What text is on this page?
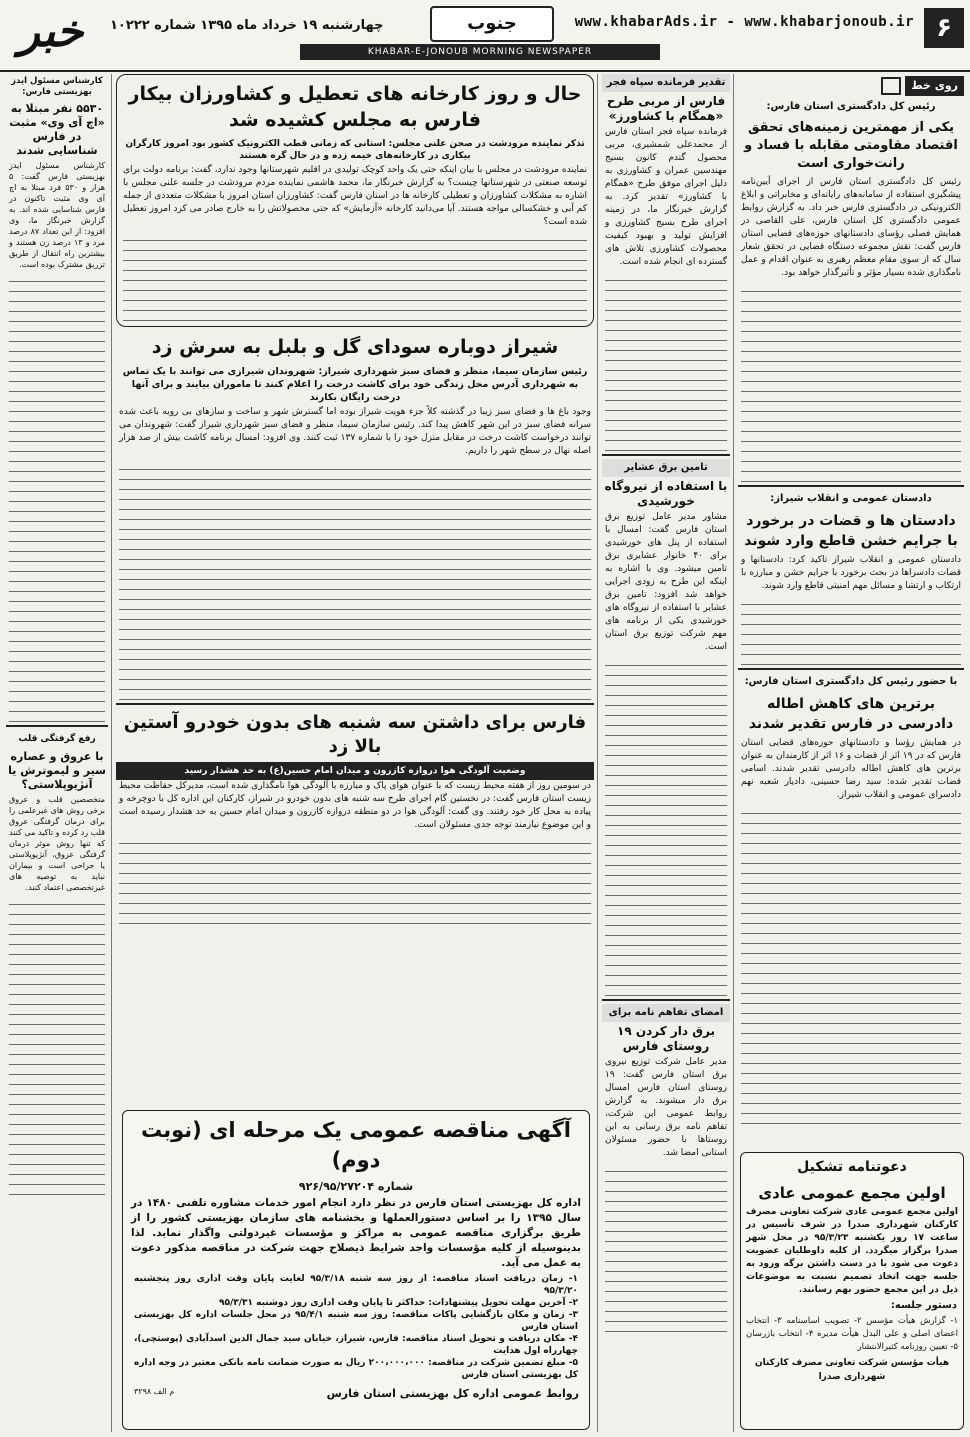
۶
www.khabarAds.ir - www.khabarjonoub.ir
جنوب
KHABAR-E-JONOUB MORNING NEWSPAPER
چهارشنبه ۱۹ خرداد ماه ۱۳۹۵ شماره ۱۰۲۲۲
خبر
روی خط
رئیس کل دادگستری استان فارس:
یکی از مهمترین زمینه‌های تحقق اقتصاد مقاومتی مقابله با فساد و رانت‌خواری است

رئیس کل دادگستری استان فارس از اجرای آیین‌نامه پیشگیری استفاده از سامانه‌های رایانه‌ای و مخابراتی و ابلاغ الکترونیکی در دادگستری فارس خبر داد. به گزارش روابط عمومی دادگستری کل استان فارس، علی القاصی در همایش فصلی رؤسای دادستانهای حوزه‌های قضایی استان فارس گفت: نقش مجموعه دستگاه قضایی در تحقق شعار سال که از سوی مقام معظم رهبری به عنوان اقدام و عمل نامگذاری شده بسیار مؤثر و تأثیرگذار خواهد بود.

دادستان عمومی و انقلاب شیراز:
دادستان ها و قضات در برخورد با جرایم خشن قاطع وارد شوند

دادستان عمومی و انقلاب شیراز تاکید کرد: دادستانها و قضات دادسراها در بحث برخورد با جرایم خشن و مبارزه با ارتکاب و ارتشا و مسائل مهم امنیتی قاطع وارد شوند.

با حضور رئیس کل دادگستری استان فارس:
برترین های کاهش اطاله دادرسی در فارس تقدیر شدند

در همایش رؤسا و دادستانهای حوزه‌های قضایی استان فارس که در ۱۹ اثر از قضات و ۱۶ اثر از کارمندان به عنوان برترین های کاهش اطاله دادرسی تقدیر شدند. اسامی قضات تقدیر شده: سید رضا حسینی، دادیار شعبه نهم دادسرای عمومی و انقلاب شیراز.

دعوتنامه تشکیل
اولین مجمع عمومی عادی

اولین مجمع عمومی عادی شرکت تعاونی مصرف کارکنان شهرداری صدرا در شرف تأسیس در ساعت ۱۷ روز یکشنبه ۹۵/۳/۲۳ در محل شهر صدرا برگزار میگردد. از کلیه داوطلبان عضویت دعوت می شود با در دست داشتن برگه ورود به جلسه جهت اتخاذ تصمیم نسبت به موضوعات ذیل در این مجمع حضور بهم رسانند.

دستور جلسه:

۱- گزارش هیأت مؤسس ۲- تصویب اساسنامه ۳- انتخاب اعضای اصلی و علی البدل هیأت مدیره ۴- انتخاب بازرسان ۵- تعیین روزنامه کثیرالانتشار

هیأت مؤسس شرکت تعاونی مصرف کارکنان شهرداری صدرا
تقدیر فرمانده سپاه فجر
فارس از مربی طرح «همگام با کشاورز»

فرمانده سپاه فجر استان فارس از محمدعلی شمشیری، مربی محصول گندم کانون بسیج مهندسین عمران و کشاورزی به دلیل اجرای موفق طرح «همگام با کشاورز» تقدیر کرد. به گزارش خبرنگار ما، در زمینه اجرای طرح بسیج کشاورزی و افزایش تولید و بهبود کیفیت محصولات کشاورزی تلاش های گسترده ای انجام شده است.

تامین برق عشایر
با استفاده از نیروگاه خورشیدی

مشاور مدیر عامل توزیع برق استان فارس گفت: امسال با استفاده از پنل های خورشیدی برای ۴۰ خانوار عشایری برق تامین میشود. وی با اشاره به اینکه این طرح به زودی اجرایی خواهد شد افزود: تامین برق عشایر با استفاده از نیروگاه های خورشیدی یکی از برنامه های مهم شرکت توزیع برق استان است.

امضای تفاهم نامه برای
برق دار کردن ۱۹ روستای فارس

مدیر عامل شرکت توزیع نیروی برق استان فارس گفت: ۱۹ روستای استان فارس امسال برق دار میشوند. به گزارش روابط عمومی این شرکت، تفاهم نامه برق رسانی به این روستاها با حضور مسئولان استانی امضا شد.

حال و روز کارخانه های تعطیل و کشاورزان بیکار فارس به مجلس کشیده شد
تذکر نماینده مرودشت در صحن علنی مجلس: استانی که زمانی قطب الکترونیک کشور بود امروز کارگران بیکاری در کارخانه‌های خیمه زده و در حال گره هستند

نماینده مرودشت در مجلس با بیان اینکه حتی یک واحد کوچک تولیدی در اقلیم شهرستانها وجود ندارد، گفت: برنامه دولت برای توسعه صنعتی در شهرستانها چیست؟ به گزارش خبرنگار ما، محمد هاشمی نماینده مردم مرودشت در جلسه علنی مجلس با اشاره به مشکلات کشاورزان و تعطیلی کارخانه ها در استان فارس گفت: کشاورزان استان امروز با مشکلات متعددی از جمله کم آبی و خشکسالی مواجه هستند. آیا می‌دانید کارخانه «آزمایش» که حتی محصولاتش را به خارج صادر می کرد امروز تعطیل شده است؟

شیراز دوباره سودای گل و بلبل به سرش زد
رئیس سازمان سیما، منظر و فضای سبز شهرداری شیراز: شهروندان شیرازی می توانند با یک تماس به شهرداری آدرس محل زندگی خود برای کاشت درخت را اعلام کنند تا ماموران بیایند و برای آنها درخت رایگان بکارند

وجود باغ ها و فضای سبز زیبا در گذشته کلاً جزء هویت شیراز بوده اما گسترش شهر و ساخت و سازهای بی رویه باعث شده سرانه فضای سبز در این شهر کاهش پیدا کند. رئیس سازمان سیما، منظر و فضای سبز شهرداری شیراز گفت: شهروندان می توانند درخواست کاشت درخت در مقابل منزل خود را با شماره ۱۳۷ ثبت کنند. وی افزود: امسال برنامه کاشت بیش از صد هزار اصله نهال در سطح شهر را داریم.

فارس برای داشتن سه شنبه های بدون خودرو آستین بالا زد
وضعیت آلودگی هوا دروازه کازرون و میدان امام حسین(ع) به حد هشدار رسید

در سومین روز از هفته محیط زیست که با عنوان هوای پاک و مبارزه با آلودگی هوا نامگذاری شده است، مدیرکل حفاظت محیط زیست استان فارس گفت: در نخستین گام اجرای طرح سه شنبه های بدون خودرو در شیراز، کارکنان این اداره کل با دوچرخه و پیاده به محل کار خود رفتند. وی گفت: آلودگی هوا در دو منطقه دروازه کازرون و میدان امام حسین به حد هشدار رسیده است و این موضوع نیازمند توجه جدی مسئولان است.

آگهی مناقصه عمومی یک مرحله ای (نوبت دوم)
شماره ۹۲۶/۹۵/۲۷۲۰۴

اداره کل بهزیستی استان فارس در نظر دارد انجام امور خدمات مشاوره تلفنی ۱۴۸۰ در سال ۱۳۹۵ را بر اساس دستورالعملها و بخشنامه های سازمان بهزیستی کشور را از طریق برگزاری مناقصه عمومی به مراکز و مؤسسات غیردولتی واگذار نماید. لذا بدینوسیله از کلیه مؤسسات واجد شرایط ذیصلاح جهت شرکت در مناقصه مذکور دعوت به عمل می آید.

۱- زمان دریافت اسناد مناقصه: از روز سه شنبه ۹۵/۳/۱۸ لغایت پایان وقت اداری روز پنجشنبه ۹۵/۳/۲۰
۲- آخرین مهلت تحویل پیشنهادات: حداکثر تا پایان وقت اداری روز دوشنبه ۹۵/۳/۳۱
۳- زمان و مکان بازگشایی پاکات مناقصه: روز سه شنبه ۹۵/۴/۱ در محل جلسات اداره کل بهزیستی استان فارس
۴- مکان دریافت و تحویل اسناد مناقصه: فارس، شیراز، خیابان سید جمال الدین اسدآبادی (پوستچی)، چهارراه اول هدایت
۵- مبلغ تضمین شرکت در مناقصه: ۲۰۰،۰۰۰،۰۰۰ ریال به صورت ضمانت نامه بانکی معتبر در وجه اداره کل بهزیستی استان فارس
روابط عمومی اداره کل بهزیستی استان فارس
م الف ۳۲۹۸
کارشناس مسئول ایدز بهزیستی فارس:
۵۵۳۰ نفر مبتلا به «اچ آی وی» مثبت در فارس شناسایی شدند

کارشناس مسئول ایدز بهزیستی فارس گفت: ۵ هزار و ۵۳۰ فرد مبتلا به اچ آی وی مثبت تاکنون در فارس شناسایی شده اند. به گزارش خبرنگار ما، وی افزود: از این تعداد ۸۷ درصد مرد و ۱۳ درصد زن هستند و بیشترین راه انتقال از طریق تزریق مشترک بوده است.

رفع گرفتگی قلب
با عروق و عصاره سیر و لیموترش یا آنژیوپلاستی؟

متخصصین قلب و عروق برخی روش های غیرعلمی را برای درمان گرفتگی عروق قلب رد کرده و تاکید می کنند که تنها روش موثر درمان گرفتگی عروق، آنژیوپلاستی یا جراحی است و بیماران نباید به توصیه های غیرتخصصی اعتماد کنند.
